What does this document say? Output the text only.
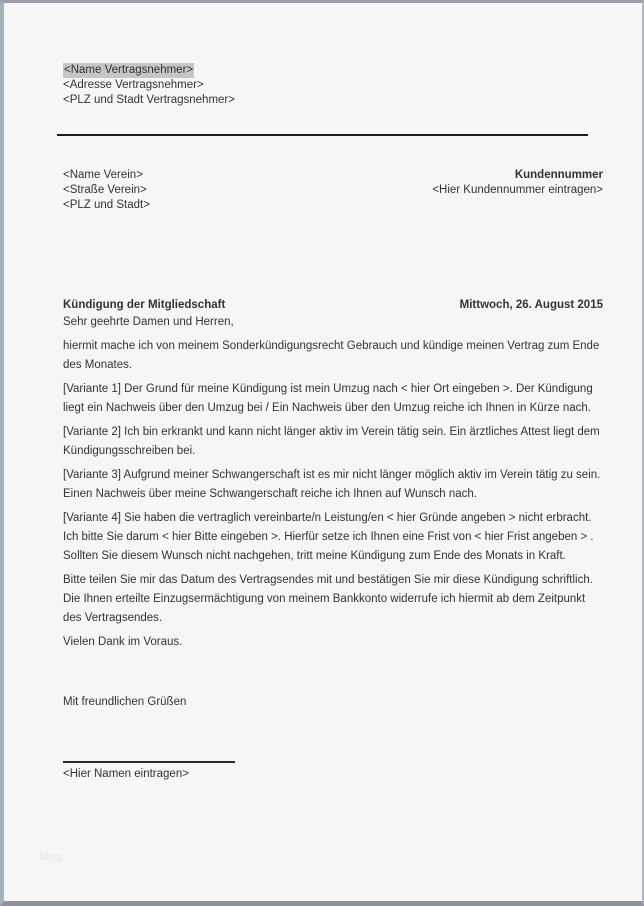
<Name Vertragsnehmer>
<Adresse Vertragsnehmer>
<PLZ und Stadt Vertragsnehmer>
<Name Verein>
<Straße Verein>
<PLZ und Stadt>
Kundennummer
<Hier Kundennummer eintragen>
Kündigung der Mitgliedschaft	Mittwoch, 26. August 2015

Sehr geehrte Damen und Herren,

hiermit mache ich von meinem Sonderkündigungsrecht Gebrauch und kündige meinen Vertrag zum Ende des Monates.

[Variante 1] Der Grund für meine Kündigung ist mein Umzug nach < hier Ort eingeben >. Der Kündigung liegt ein Nachweis über den Umzug bei / Ein Nachweis über den Umzug reiche ich Ihnen in Kürze nach.

[Variante 2] Ich bin erkrankt und kann nicht länger aktiv im Verein tätig sein. Ein ärztliches Attest liegt dem Kündigungsschreiben bei.

[Variante 3] Aufgrund meiner Schwangerschaft ist es mir nicht länger möglich aktiv im Verein tätig zu sein. Einen Nachweis über meine Schwangerschaft reiche ich Ihnen auf Wunsch nach.

[Variante 4] Sie haben die vertraglich vereinbarte/n Leistung/en < hier Gründe angeben > nicht erbracht. Ich bitte Sie darum < hier Bitte eingeben >. Hierfür setze ich Ihnen eine Frist von < hier Frist angeben > . Sollten Sie diesem Wunsch nicht nachgehen, tritt meine Kündigung zum Ende des Monats in Kraft.

Bitte teilen Sie mir das Datum des Vertragsendes mit und bestätigen Sie mir diese Kündigung schriftlich. Die Ihnen erteilte Einzugsermächtigung von meinem Bankkonto widerrufe ich hiermit ab dem Zeitpunkt des Vertragsendes.

Vielen Dank im Voraus.

Mit freundlichen Grüßen
<Hier Namen eintragen>
blog
